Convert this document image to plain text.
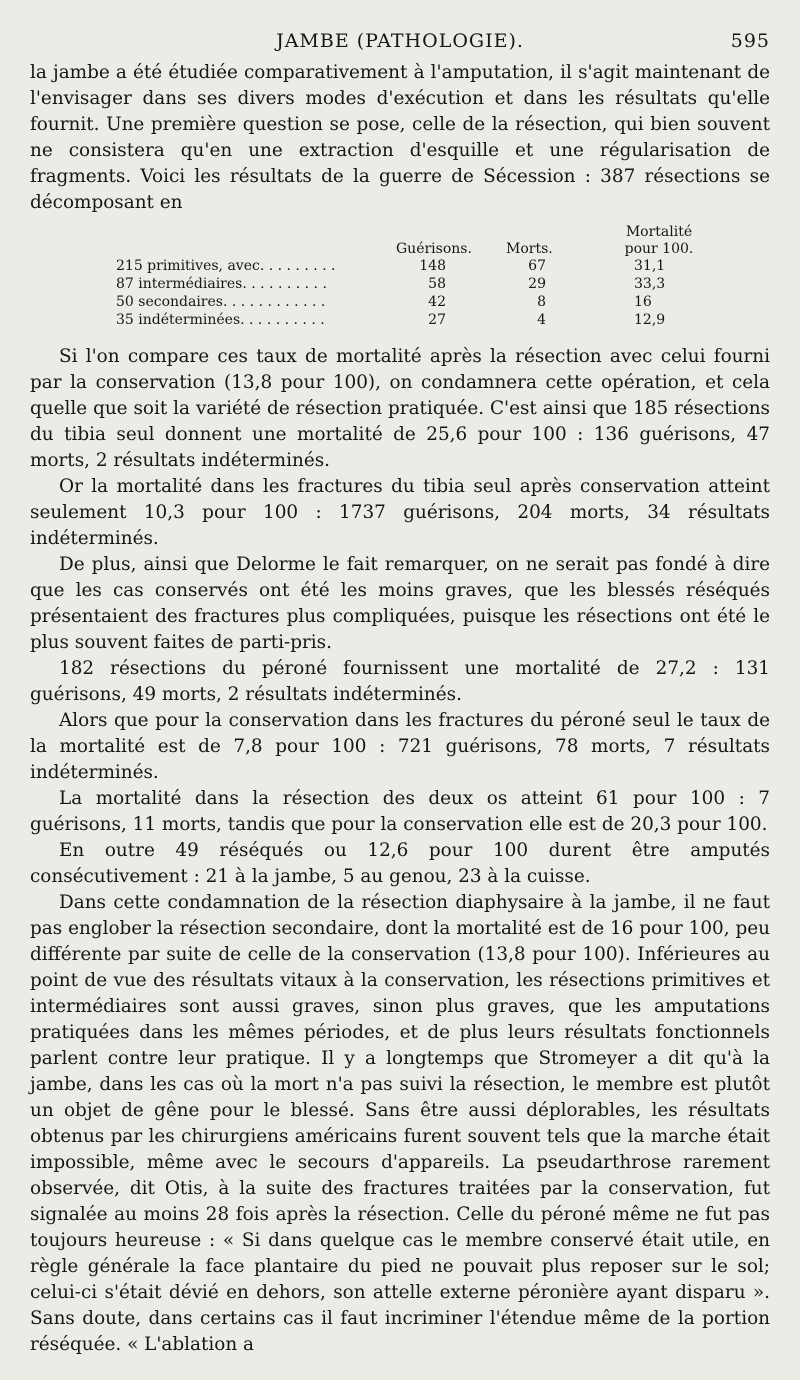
JAMBE (PATHOLOGIE).	595

la jambe a été étudiée comparativement à l'amputation, il s'agit maintenant de l'envisager dans ses divers modes d'exécution et dans les résultats qu'elle fournit. Une première question se pose, celle de la résection, qui bien souvent ne consistera qu'en une extraction d'esquille et une régularisation de fragments. Voici les résultats de la guerre de Sécession : 387 résections se décomposant en

Guérisons. Morts.
Mortalité pour 100.
215 primitives, avec. . . . . . . . .	148	67	31,1
87 intermédiaires. . . . . . . . . .	58	29	33,3
50 secondaires. . . . . . . . . . . .	42	8	16
35 indéterminées. . . . . . . . . .	27	4	12,9

Si l'on compare ces taux de mortalité après la résection avec celui fourni par la conservation (13,8 pour 100), on condamnera cette opération, et cela quelle que soit la variété de résection pratiquée. C'est ainsi que 185 résections du tibia seul donnent une mortalité de 25,6 pour 100 : 136 guérisons, 47 morts, 2 résultats indéterminés.

Or la mortalité dans les fractures du tibia seul après conservation atteint seulement 10,3 pour 100 : 1737 guérisons, 204 morts, 34 résultats indéterminés.

De plus, ainsi que Delorme le fait remarquer, on ne serait pas fondé à dire que les cas conservés ont été les moins graves, que les blessés réséqués présentaient des fractures plus compliquées, puisque les résections ont été le plus souvent faites de parti-pris.

182 résections du péroné fournissent une mortalité de 27,2 : 131 guérisons, 49 morts, 2 résultats indéterminés.

Alors que pour la conservation dans les fractures du péroné seul le taux de la mortalité est de 7,8 pour 100 : 721 guérisons, 78 morts, 7 résultats indéterminés.

La mortalité dans la résection des deux os atteint 61 pour 100 : 7 guérisons, 11 morts, tandis que pour la conservation elle est de 20,3 pour 100.

En outre 49 réséqués ou 12,6 pour 100 durent être amputés consécutivement : 21 à la jambe, 5 au genou, 23 à la cuisse.

Dans cette condamnation de la résection diaphysaire à la jambe, il ne faut pas englober la résection secondaire, dont la mortalité est de 16 pour 100, peu différente par suite de celle de la conservation (13,8 pour 100). Inférieures au point de vue des résultats vitaux à la conservation, les résections primitives et intermédiaires sont aussi graves, sinon plus graves, que les amputations pratiquées dans les mêmes périodes, et de plus leurs résultats fonctionnels parlent contre leur pratique. Il y a longtemps que Stromeyer a dit qu'à la jambe, dans les cas où la mort n'a pas suivi la résection, le membre est plutôt un objet de gêne pour le blessé. Sans être aussi déplorables, les résultats obtenus par les chirurgiens américains furent souvent tels que la marche était impossible, même avec le secours d'appareils. La pseudarthrose rarement observée, dit Otis, à la suite des fractures traitées par la conservation, fut signalée au moins 28 fois après la résection. Celle du péroné même ne fut pas toujours heureuse : « Si dans quelque cas le membre conservé était utile, en règle générale la face plantaire du pied ne pouvait plus reposer sur le sol; celui-ci s'était dévié en dehors, son attelle externe péronière ayant disparu ». Sans doute, dans certains cas il faut incriminer l'étendue même de la portion réséquée. « L'ablation a
